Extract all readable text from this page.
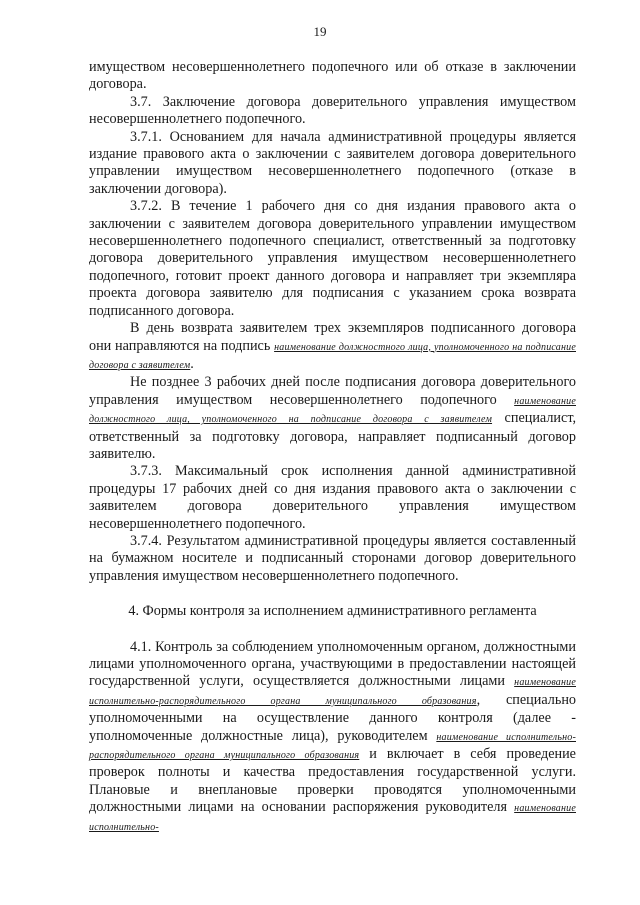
19

имуществом несовершеннолетнего подопечного или об отказе в заключении договора.

3.7. Заключение договора доверительного управления имуществом несовершеннолетнего подопечного.

3.7.1. Основанием для начала административной процедуры является издание правового акта о заключении с заявителем договора доверительного управлении имуществом несовершеннолетнего подопечного (отказе в заключении договора).

3.7.2. В течение 1 рабочего дня со дня издания правового акта о заключении с заявителем договора доверительного управлении имуществом несовершеннолетнего подопечного специалист, ответственный за подготовку договора доверительного управления имуществом несовершеннолетнего подопечного, готовит проект данного договора и направляет три экземпляра проекта договора заявителю для подписания с указанием срока возврата подписанного договора.

В день возврата заявителем трех экземпляров подписанного договора они направляются на подпись наименование должностного лица, уполномоченного на подписание договора с заявителем.

Не позднее 3 рабочих дней после подписания договора доверительного управления имуществом несовершеннолетнего подопечного наименование должностного лица, уполномоченного на подписание договора с заявителем специалист, ответственный за подготовку договора, направляет подписанный договор заявителю.

3.7.3. Максимальный срок исполнения данной административной процедуры 17 рабочих дней со дня издания правового акта о заключении с заявителем договора доверительного управления имуществом несовершеннолетнего подопечного.

3.7.4. Результатом административной процедуры является составленный на бумажном носителе и подписанный сторонами договор доверительного управления имуществом несовершеннолетнего подопечного.

4. Формы контроля за исполнением административного регламента

4.1. Контроль за соблюдением уполномоченным органом, должностными лицами уполномоченного органа, участвующими в предоставлении настоящей государственной услуги, осуществляется должностными лицами наименование исполнительно-распорядительного органа муниципального образования, специально уполномоченными на осуществление данного контроля (далее - уполномоченные должностные лица), руководителем наименование исполнительно-распорядительного органа муниципального образования и включает в себя проведение проверок полноты и качества предоставления государственной услуги. Плановые и внеплановые проверки проводятся уполномоченными должностными лицами на основании распоряжения руководителя наименование исполнительно-
